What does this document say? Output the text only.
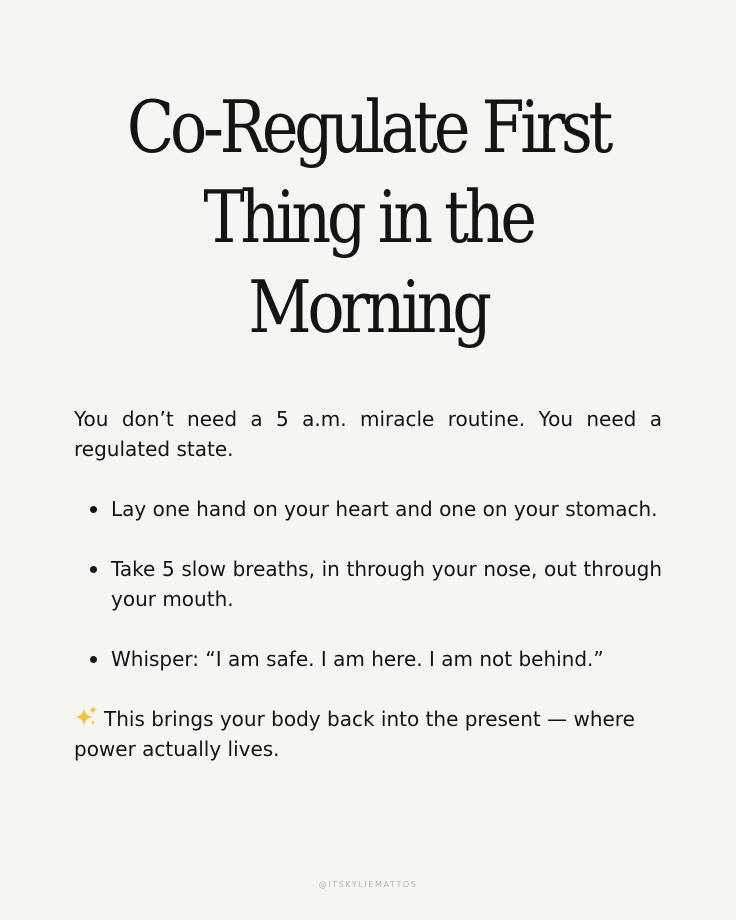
Co-Regulate First
Thing in the
Morning

You don’t need a 5 a.m. miracle routine. You need a regulated state.

Lay one hand on your heart and one on your stomach.
Take 5 slow breaths, in through your nose, out through your mouth.
Whisper: “I am safe. I am here. I am not behind.”

This brings your body back into the present — where power actually lives.

@ITSKYLIEMATTOS
